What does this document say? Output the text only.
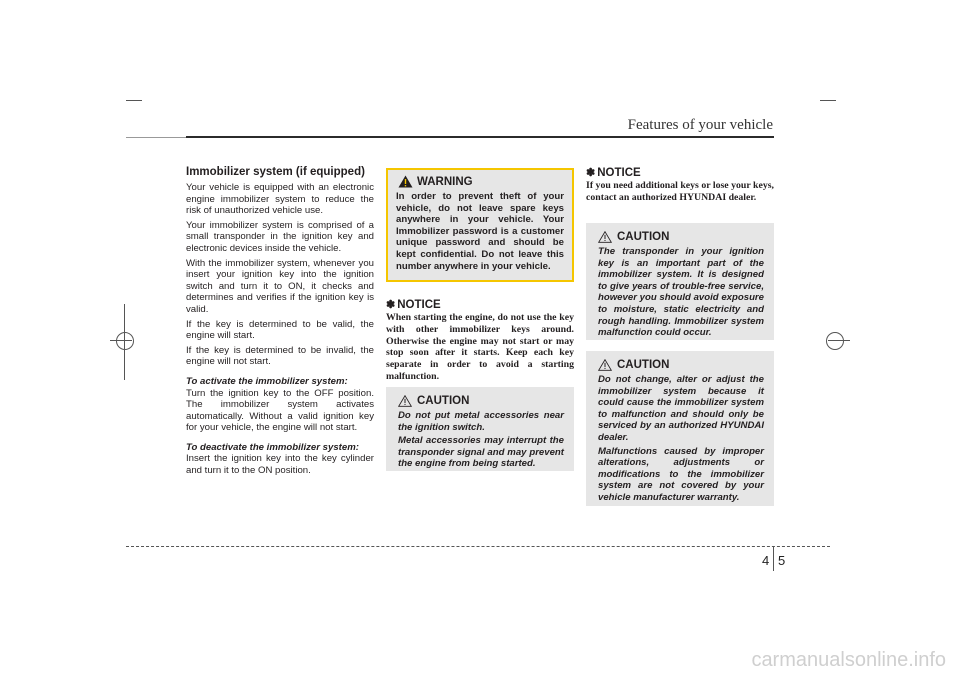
Features of your vehicle
Immobilizer system (if equipped)

Your vehicle is equipped with an electronic engine immobilizer system to reduce the risk of unauthorized vehicle use.

Your immobilizer system is comprised of a small transponder in the ignition key and electronic devices inside the vehicle.

With the immobilizer system, whenever you insert your ignition key into the ignition switch and turn it to ON, it checks and determines and verifies if the ignition key is valid.

If the key is determined to be valid, the engine will start.

If the key is determined to be invalid, the engine will not start.

To activate the immobilizer system:

Turn the ignition key to the OFF position. The immobilizer system activates automatically. Without a valid ignition key for your vehicle, the engine will not start.

To deactivate the immobilizer system:

Insert the ignition key into the key cylinder and turn it to the ON position.

WARNING
In order to prevent theft of your vehicle, do not leave spare keys anywhere in your vehicle. Your Immobilizer password is a customer unique password and should be kept confidential. Do not leave this number anywhere in your vehicle.
✽ NOTICE

When starting the engine, do not use the key with other immobilizer keys around. Otherwise the engine may not start or may stop soon after it starts. Keep each key separate in order to avoid a starting malfunction.

CAUTION

Do not put metal accessories near the ignition switch.

Metal accessories may interrupt the transponder signal and may prevent the engine from being started.

✽ NOTICE

If you need additional keys or lose your keys, contact an authorized HYUNDAI dealer.

CAUTION

The transponder in your ignition key is an important part of the immobilizer system. It is designed to give years of trouble-free service, however you should avoid exposure to moisture, static electricity and rough handling. Immobilizer system malfunction could occur.

CAUTION

Do not change, alter or adjust the immobilizer system because it could cause the immobilizer system to malfunction and should only be serviced by an authorized HYUNDAI dealer.

Malfunctions caused by improper alterations, adjustments or modifications to the immobilizer system are not covered by your vehicle manufacturer warranty.

4 5
carmanualsonline.info
